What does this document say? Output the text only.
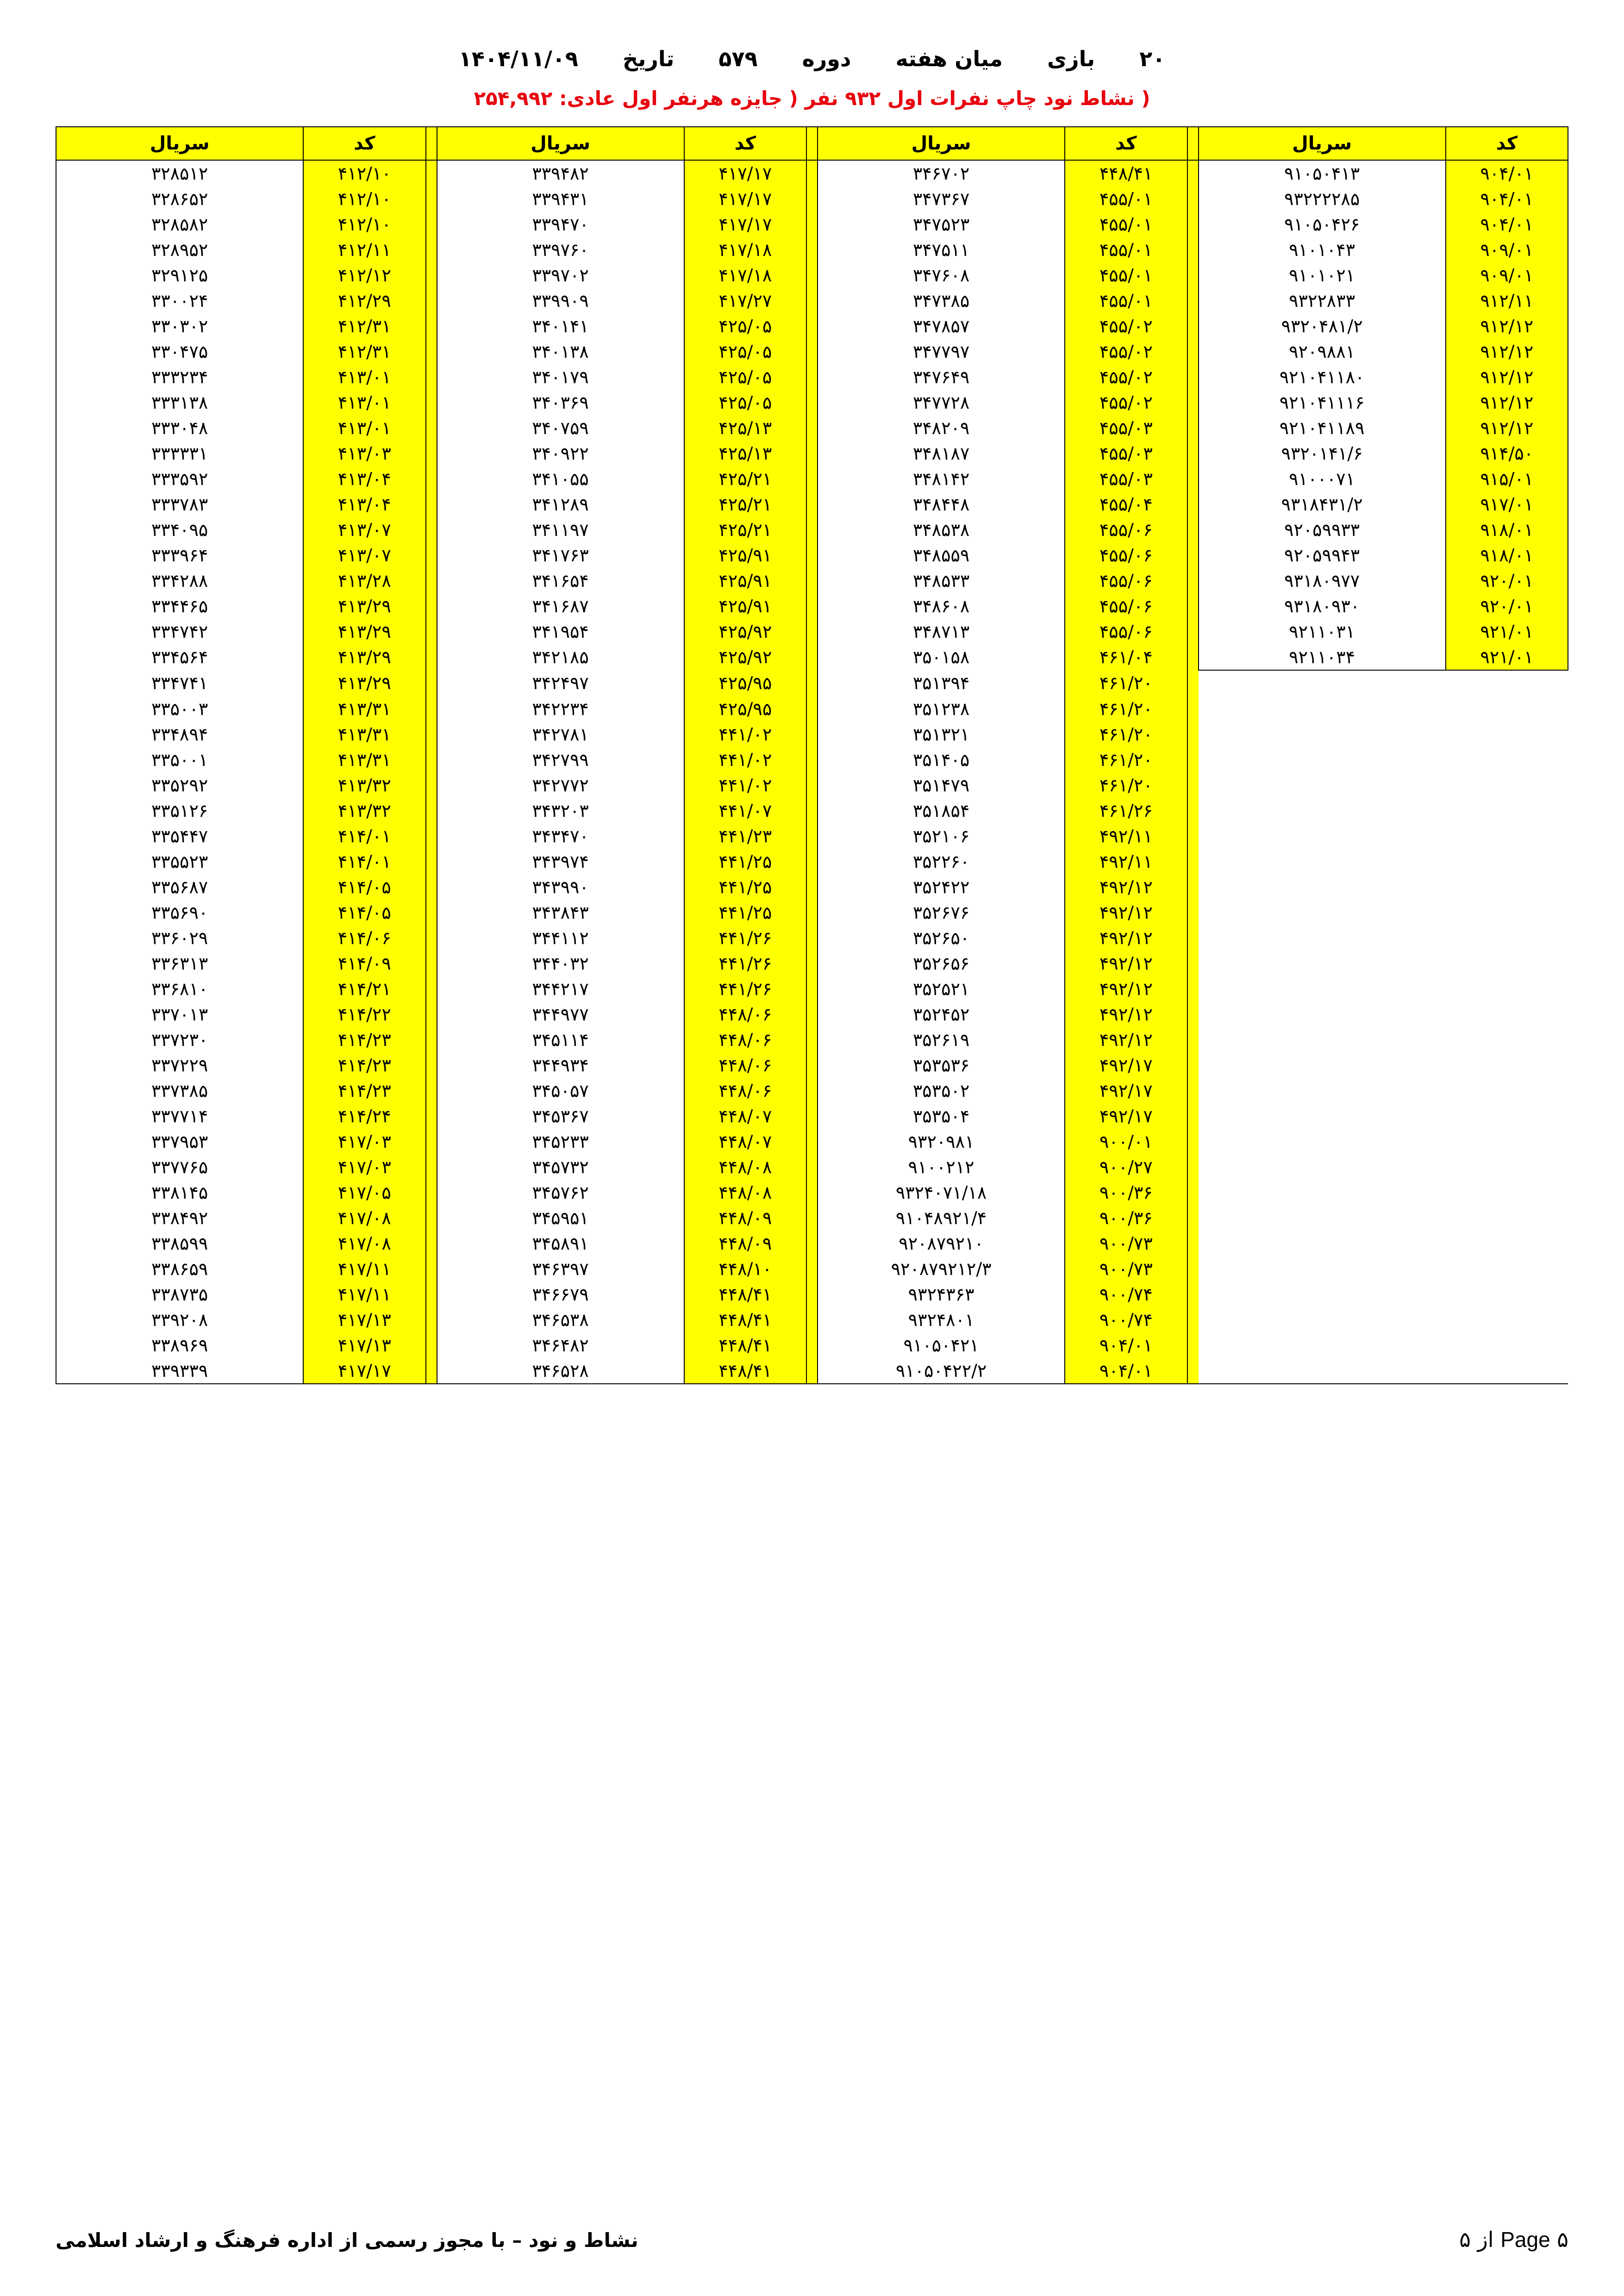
۲۰
بازی
میان هفته
دوره
۵۷۹
تاریخ
۱۴۰۴/۱۱/۰۹
( نشاط نود چاپ نفرات اول ۹۳۲ نفر ( جایزه هرنفر اول عادی: ۲۵۴,۹۹۲
کد	سریال		کد	سریال		کد	سریال		کد	سریال
۹۰۴/۰۱	۹۱۰۵۰۴۱۳		۴۴۸/۴۱	۳۴۶۷۰۲		۴۱۷/۱۷	۳۳۹۴۸۲		۴۱۲/۱۰	۳۲۸۵۱۲
۹۰۴/۰۱	۹۳۲۲۲۲۸۵		۴۵۵/۰۱	۳۴۷۳۶۷		۴۱۷/۱۷	۳۳۹۴۳۱		۴۱۲/۱۰	۳۲۸۶۵۲
۹۰۴/۰۱	۹۱۰۵۰۴۲۶		۴۵۵/۰۱	۳۴۷۵۲۳		۴۱۷/۱۷	۳۳۹۴۷۰		۴۱۲/۱۰	۳۲۸۵۸۲
۹۰۹/۰۱	۹۱۰۱۰۴۳		۴۵۵/۰۱	۳۴۷۵۱۱		۴۱۷/۱۸	۳۳۹۷۶۰		۴۱۲/۱۱	۳۲۸۹۵۲
۹۰۹/۰۱	۹۱۰۱۰۲۱		۴۵۵/۰۱	۳۴۷۶۰۸		۴۱۷/۱۸	۳۳۹۷۰۲		۴۱۲/۱۲	۳۲۹۱۲۵
۹۱۲/۱۱	۹۳۲۲۸۳۳		۴۵۵/۰۱	۳۴۷۳۸۵		۴۱۷/۲۷	۳۳۹۹۰۹		۴۱۲/۲۹	۳۳۰۰۲۴
۹۱۲/۱۲	۹۳۲۰۴۸۱/۲		۴۵۵/۰۲	۳۴۷۸۵۷		۴۲۵/۰۵	۳۴۰۱۴۱		۴۱۲/۳۱	۳۳۰۳۰۲
۹۱۲/۱۲	۹۲۰۹۸۸۱		۴۵۵/۰۲	۳۴۷۷۹۷		۴۲۵/۰۵	۳۴۰۱۳۸		۴۱۲/۳۱	۳۳۰۴۷۵
۹۱۲/۱۲	۹۲۱۰۴۱۱۸۰		۴۵۵/۰۲	۳۴۷۶۴۹		۴۲۵/۰۵	۳۴۰۱۷۹		۴۱۳/۰۱	۳۳۳۲۳۴
۹۱۲/۱۲	۹۲۱۰۴۱۱۱۶		۴۵۵/۰۲	۳۴۷۷۲۸		۴۲۵/۰۵	۳۴۰۳۶۹		۴۱۳/۰۱	۳۳۳۱۳۸
۹۱۲/۱۲	۹۲۱۰۴۱۱۸۹		۴۵۵/۰۳	۳۴۸۲۰۹		۴۲۵/۱۳	۳۴۰۷۵۹		۴۱۳/۰۱	۳۳۳۰۴۸
۹۱۴/۵۰	۹۳۲۰۱۴۱/۶		۴۵۵/۰۳	۳۴۸۱۸۷		۴۲۵/۱۳	۳۴۰۹۲۲		۴۱۳/۰۳	۳۳۳۳۳۱
۹۱۵/۰۱	۹۱۰۰۰۷۱		۴۵۵/۰۳	۳۴۸۱۴۲		۴۲۵/۲۱	۳۴۱۰۵۵		۴۱۳/۰۴	۳۳۳۵۹۲
۹۱۷/۰۱	۹۳۱۸۴۳۱/۲		۴۵۵/۰۴	۳۴۸۴۴۸		۴۲۵/۲۱	۳۴۱۲۸۹		۴۱۳/۰۴	۳۳۳۷۸۳
۹۱۸/۰۱	۹۲۰۵۹۹۳۳		۴۵۵/۰۶	۳۴۸۵۳۸		۴۲۵/۲۱	۳۴۱۱۹۷		۴۱۳/۰۷	۳۳۴۰۹۵
۹۱۸/۰۱	۹۲۰۵۹۹۴۳		۴۵۵/۰۶	۳۴۸۵۵۹		۴۲۵/۹۱	۳۴۱۷۶۳		۴۱۳/۰۷	۳۳۳۹۶۴
۹۲۰/۰۱	۹۳۱۸۰۹۷۷		۴۵۵/۰۶	۳۴۸۵۳۳		۴۲۵/۹۱	۳۴۱۶۵۴		۴۱۳/۲۸	۳۳۴۲۸۸
۹۲۰/۰۱	۹۳۱۸۰۹۳۰		۴۵۵/۰۶	۳۴۸۶۰۸		۴۲۵/۹۱	۳۴۱۶۸۷		۴۱۳/۲۹	۳۳۴۴۶۵
۹۲۱/۰۱	۹۲۱۱۰۳۱		۴۵۵/۰۶	۳۴۸۷۱۳		۴۲۵/۹۲	۳۴۱۹۵۴		۴۱۳/۲۹	۳۳۴۷۴۲
۹۲۱/۰۱	۹۲۱۱۰۳۴		۴۶۱/۰۴	۳۵۰۱۵۸		۴۲۵/۹۲	۳۴۲۱۸۵		۴۱۳/۲۹	۳۳۴۵۶۴
			۴۶۱/۲۰	۳۵۱۳۹۴		۴۲۵/۹۵	۳۴۲۴۹۷		۴۱۳/۲۹	۳۳۴۷۴۱
			۴۶۱/۲۰	۳۵۱۲۳۸		۴۲۵/۹۵	۳۴۲۲۳۴		۴۱۳/۳۱	۳۳۵۰۰۳
			۴۶۱/۲۰	۳۵۱۳۲۱		۴۴۱/۰۲	۳۴۲۷۸۱		۴۱۳/۳۱	۳۳۴۸۹۴
			۴۶۱/۲۰	۳۵۱۴۰۵		۴۴۱/۰۲	۳۴۲۷۹۹		۴۱۳/۳۱	۳۳۵۰۰۱
			۴۶۱/۲۰	۳۵۱۴۷۹		۴۴۱/۰۲	۳۴۲۷۷۲		۴۱۳/۳۲	۳۳۵۲۹۲
			۴۶۱/۲۶	۳۵۱۸۵۴		۴۴۱/۰۷	۳۴۳۲۰۳		۴۱۳/۳۲	۳۳۵۱۲۶
			۴۹۲/۱۱	۳۵۲۱۰۶		۴۴۱/۲۳	۳۴۳۴۷۰		۴۱۴/۰۱	۳۳۵۴۴۷
			۴۹۲/۱۱	۳۵۲۲۶۰		۴۴۱/۲۵	۳۴۳۹۷۴		۴۱۴/۰۱	۳۳۵۵۲۳
			۴۹۲/۱۲	۳۵۲۴۲۲		۴۴۱/۲۵	۳۴۳۹۹۰		۴۱۴/۰۵	۳۳۵۶۸۷
			۴۹۲/۱۲	۳۵۲۶۷۶		۴۴۱/۲۵	۳۴۳۸۴۳		۴۱۴/۰۵	۳۳۵۶۹۰
			۴۹۲/۱۲	۳۵۲۶۵۰		۴۴۱/۲۶	۳۴۴۱۱۲		۴۱۴/۰۶	۳۳۶۰۲۹
			۴۹۲/۱۲	۳۵۲۶۵۶		۴۴۱/۲۶	۳۴۴۰۳۲		۴۱۴/۰۹	۳۳۶۳۱۳
			۴۹۲/۱۲	۳۵۲۵۲۱		۴۴۱/۲۶	۳۴۴۲۱۷		۴۱۴/۲۱	۳۳۶۸۱۰
			۴۹۲/۱۲	۳۵۲۴۵۲		۴۴۸/۰۶	۳۴۴۹۷۷		۴۱۴/۲۲	۳۳۷۰۱۳
			۴۹۲/۱۲	۳۵۲۶۱۹		۴۴۸/۰۶	۳۴۵۱۱۴		۴۱۴/۲۳	۳۳۷۲۳۰
			۴۹۲/۱۷	۳۵۳۵۳۶		۴۴۸/۰۶	۳۴۴۹۳۴		۴۱۴/۲۳	۳۳۷۲۲۹
			۴۹۲/۱۷	۳۵۳۵۰۲		۴۴۸/۰۶	۳۴۵۰۵۷		۴۱۴/۲۳	۳۳۷۳۸۵
			۴۹۲/۱۷	۳۵۳۵۰۴		۴۴۸/۰۷	۳۴۵۳۶۷		۴۱۴/۲۴	۳۳۷۷۱۴
			۹۰۰/۰۱	۹۳۲۰۹۸۱		۴۴۸/۰۷	۳۴۵۲۳۳		۴۱۷/۰۳	۳۳۷۹۵۳
			۹۰۰/۲۷	۹۱۰۰۲۱۲		۴۴۸/۰۸	۳۴۵۷۳۲		۴۱۷/۰۳	۳۳۷۷۶۵
			۹۰۰/۳۶	۹۳۲۴۰۷۱/۱۸		۴۴۸/۰۸	۳۴۵۷۶۲		۴۱۷/۰۵	۳۳۸۱۴۵
			۹۰۰/۳۶	۹۱۰۴۸۹۲۱/۴		۴۴۸/۰۹	۳۴۵۹۵۱		۴۱۷/۰۸	۳۳۸۴۹۲
			۹۰۰/۷۳	۹۲۰۸۷۹۲۱۰		۴۴۸/۰۹	۳۴۵۸۹۱		۴۱۷/۰۸	۳۳۸۵۹۹
			۹۰۰/۷۳	۹۲۰۸۷۹۲۱۲/۳		۴۴۸/۱۰	۳۴۶۳۹۷		۴۱۷/۱۱	۳۳۸۶۵۹
			۹۰۰/۷۴	۹۳۲۴۳۶۳		۴۴۸/۴۱	۳۴۶۶۷۹		۴۱۷/۱۱	۳۳۸۷۳۵
			۹۰۰/۷۴	۹۳۲۴۸۰۱		۴۴۸/۴۱	۳۴۶۵۳۸		۴۱۷/۱۳	۳۳۹۲۰۸
			۹۰۴/۰۱	۹۱۰۵۰۴۲۱		۴۴۸/۴۱	۳۴۶۴۸۲		۴۱۷/۱۳	۳۳۸۹۶۹
			۹۰۴/۰۱	۹۱۰۵۰۴۲۲/۲		۴۴۸/۴۱	۳۴۶۵۲۸		۴۱۷/۱۷	۳۳۹۳۳۹
نشاط و نود – با مجوز رسمی از اداره فرهنگ و ارشاد اسلامی	Page ۵ از ۵
